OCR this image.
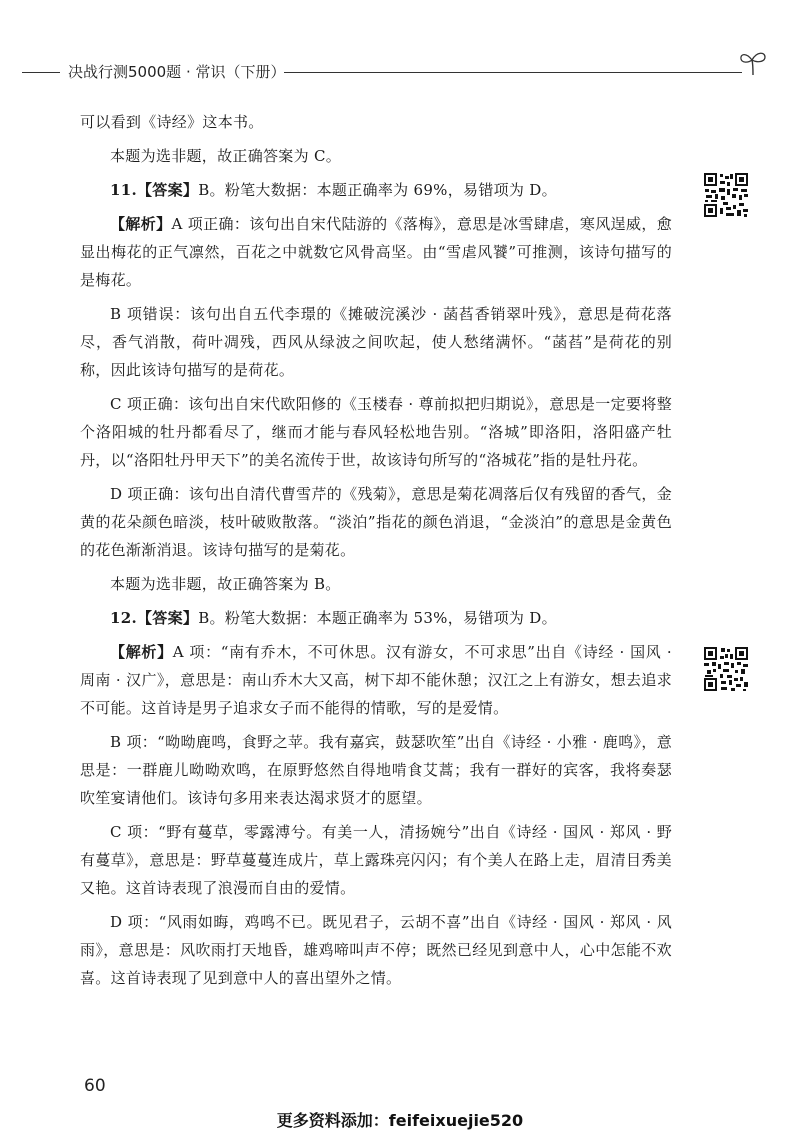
决战行测5000题 · 常识（下册）

可以看到《诗经》这本书。

本题为选非题，故正确答案为 C。

11.【答案】B。粉笔大数据：本题正确率为 69%，易错项为 D。

【解析】A 项正确：该句出自宋代陆游的《落梅》，意思是冰雪肆虐，寒风逞威，愈显出梅花的正气凛然，百花之中就数它风骨高坚。由“雪虐风饕”可推测，该诗句描写的是梅花。

B 项错误：该句出自五代李璟的《摊破浣溪沙 · 菡萏香销翠叶残》，意思是荷花落尽，香气消散，荷叶凋残，西风从绿波之间吹起，使人愁绪满怀。“菡萏”是荷花的别称，因此该诗句描写的是荷花。

C 项正确：该句出自宋代欧阳修的《玉楼春 · 尊前拟把归期说》，意思是一定要将整个洛阳城的牡丹都看尽了，继而才能与春风轻松地告别。“洛城”即洛阳，洛阳盛产牡丹，以“洛阳牡丹甲天下”的美名流传于世，故该诗句所写的“洛城花”指的是牡丹花。

D 项正确：该句出自清代曹雪芹的《残菊》，意思是菊花凋落后仅有残留的香气，金黄的花朵颜色暗淡，枝叶破败散落。“淡泊”指花的颜色消退，“金淡泊”的意思是金黄色的花色渐渐消退。该诗句描写的是菊花。

本题为选非题，故正确答案为 B。

12.【答案】B。粉笔大数据：本题正确率为 53%，易错项为 D。

【解析】A 项：“南有乔木，不可休思。汉有游女，不可求思”出自《诗经 · 国风 · 周南 · 汉广》，意思是：南山乔木大又高，树下却不能休憩；汉江之上有游女，想去追求不可能。这首诗是男子追求女子而不能得的情歌，写的是爱情。

B 项：“呦呦鹿鸣，食野之苹。我有嘉宾，鼓瑟吹笙”出自《诗经 · 小雅 · 鹿鸣》，意思是：一群鹿儿呦呦欢鸣，在原野悠然自得地啃食艾蒿；我有一群好的宾客，我将奏瑟吹笙宴请他们。该诗句多用来表达渴求贤才的愿望。

C 项：“野有蔓草，零露溥兮。有美一人，清扬婉兮”出自《诗经 · 国风 · 郑风 · 野有蔓草》，意思是：野草蔓蔓连成片，草上露珠亮闪闪；有个美人在路上走，眉清目秀美又艳。这首诗表现了浪漫而自由的爱情。

D 项：“风雨如晦，鸡鸣不已。既见君子，云胡不喜”出自《诗经 · 国风 · 郑风 · 风雨》，意思是：风吹雨打天地昏，雄鸡啼叫声不停；既然已经见到意中人，心中怎能不欢喜。这首诗表现了见到意中人的喜出望外之情。

60
更多资料添加：feifeixuejie520
